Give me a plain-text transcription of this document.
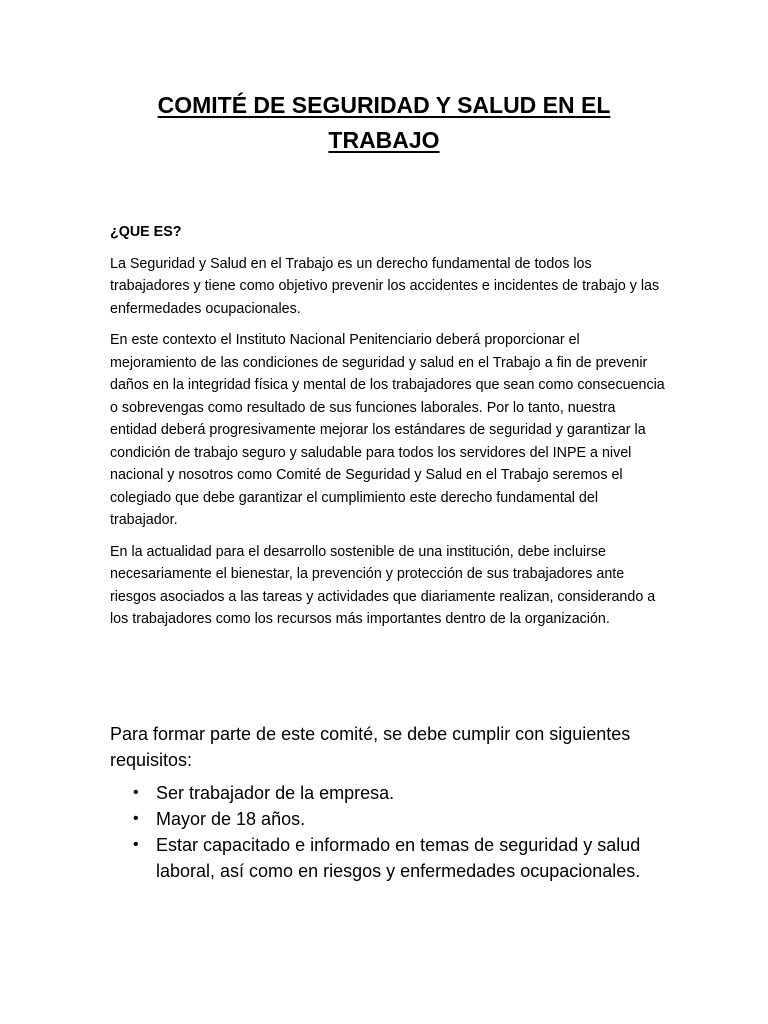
COMITÉ DE SEGURIDAD Y SALUD EN EL
TRABAJO

¿QUE ES?

La Seguridad y Salud en el Trabajo es un derecho fundamental de todos los trabajadores y tiene como objetivo prevenir los accidentes e incidentes de trabajo y las enfermedades ocupacionales.

En este contexto el Instituto Nacional Penitenciario deberá proporcionar el mejoramiento de las condiciones de seguridad y salud en el Trabajo a fin de prevenir daños en la integridad física y mental de los trabajadores que sean como consecuencia o sobrevengas como resultado de sus funciones laborales. Por lo tanto, nuestra entidad deberá progresivamente mejorar los estándares de seguridad y garantizar la condición de trabajo seguro y saludable para todos los servidores del INPE a nivel nacional y nosotros como Comité de Seguridad y Salud en el Trabajo seremos el colegiado que debe garantizar el cumplimiento este derecho fundamental del trabajador.

En la actualidad para el desarrollo sostenible de una institución, debe incluirse necesariamente el bienestar, la prevención y protección de sus trabajadores ante riesgos asociados a las tareas y actividades que diariamente realizan, considerando a los trabajadores como los recursos más importantes dentro de la organización.

Para formar parte de este comité, se debe cumplir con siguientes requisitos:

• Ser trabajador de la empresa.
• Mayor de 18 años.
• Estar capacitado e informado en temas de seguridad y salud laboral, así como en riesgos y enfermedades ocupacionales.
